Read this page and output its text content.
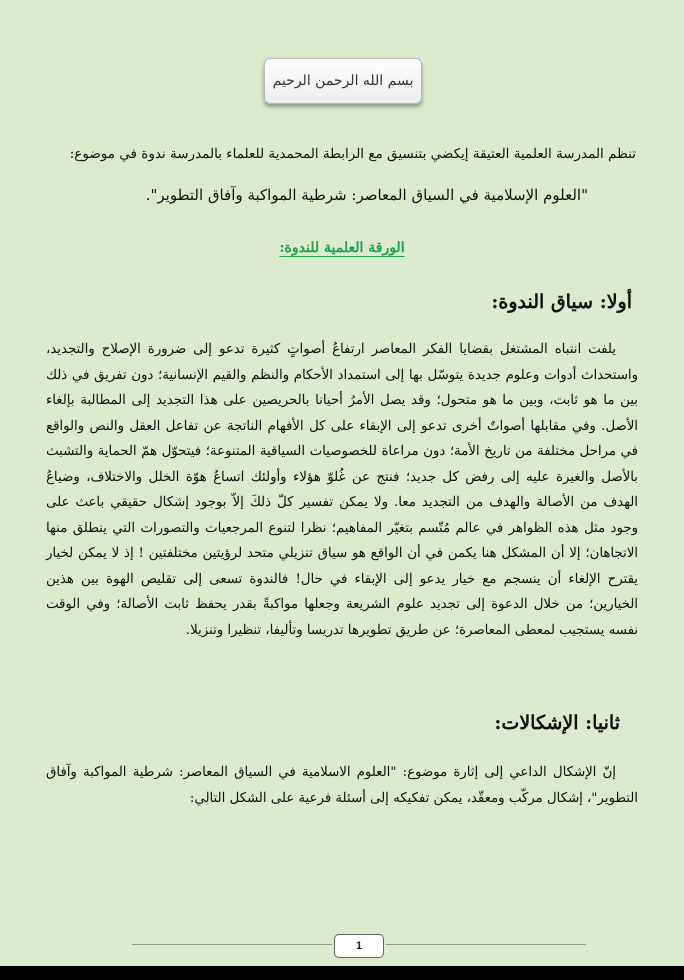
بسم الله الرحمن الرحيم
تنظم المدرسة العلمية العتيقة إيكضي بتنسيق مع الرابطة المحمدية للعلماء بالمدرسة ندوة في موضوع:
"العلوم الإسلامية في السياق المعاصر: شرطية المواكبة وآفاق التطوير".
الورقة العلمية للندوة:
أولا: سياق الندوة:

يلفت انتباه المشتغل بقضايا الفكر المعاصر ارتفاعُ أصواتٍ كثيرة تدعو إلى ضرورة الإصلاح والتجديد، واستحداث أدوات وعلوم جديدة يتوسّل بها إلى استمداد الأحكام والنظم والقيم الإنسانية؛ دون تفريق في ذلك بين ما هو ثابت، وبين ما هو متحول؛ وقد يصل الأمرُ أحيانا بالحريصين على هذا التجديد إلى المطالبة بإلغاء الأصل. وفي مقابلها أصواتٌ أخرى تدعو إلى الإبقاء على كل الأفهام الناتجة عن تفاعل العقل والنص والواقع في مراحل مختلفة من تاريخ الأمة؛ دون مراعاة للخصوصيات السياقية المتنوعة؛ فيتحوّل همّ الحماية والتشبث بالأصل والغيرة عليه إلى رفض كل جديد؛ فنتج عن غُلوّ هؤلاء وأولئك اتساعُ هوّة الخلل والاختلاف، وضياعُ الهدف من الأصالة والهدف من التجديد معا. ولا يمكن تفسير كلّ ذلكَ إلاّ بوجود إشكال حقيقي باعث على وجود مثل هذه الظواهر في عالم مُتّسم بتغيّر المفاهيم؛ نظرا لتنوع المرجعيات والتصورات التي ينطلق منها الاتجاهان؛ إلا أن المشكل هنا يكمن في أن الواقع هو سياق تنزيلي متحد لرؤيتين مختلفتين ! إذ لا يمكن لخيار يقترح الإلغاء أن ينسجم مع خيار يدعو إلى الإبقاء في حال! فالندوة تسعى إلى تقليص الهوة بين هذين الخيارين؛ من خلال الدعوة إلى تجديد علوم الشريعة وجعلها مواكبةً بقدر يحفظ ثابت الأصالة؛ وفي الوقت نفسه يستجيب لمعطى المعاصرة؛ عن طريق تطويرها تدريسا وتأليفا، تنظيرا وتنزيلا.

ثانيا: الإشكالات:

إنّ الإشكال الداعي إلى إثارة موضوع: "العلوم الاسلامية في السياق المعاصر: شرطية المواكبة وآفاق التطوير"، إشكال مركّب ومعقّد، يمكن تفكيكه إلى أسئلة فرعية على الشكل التالي:

1
